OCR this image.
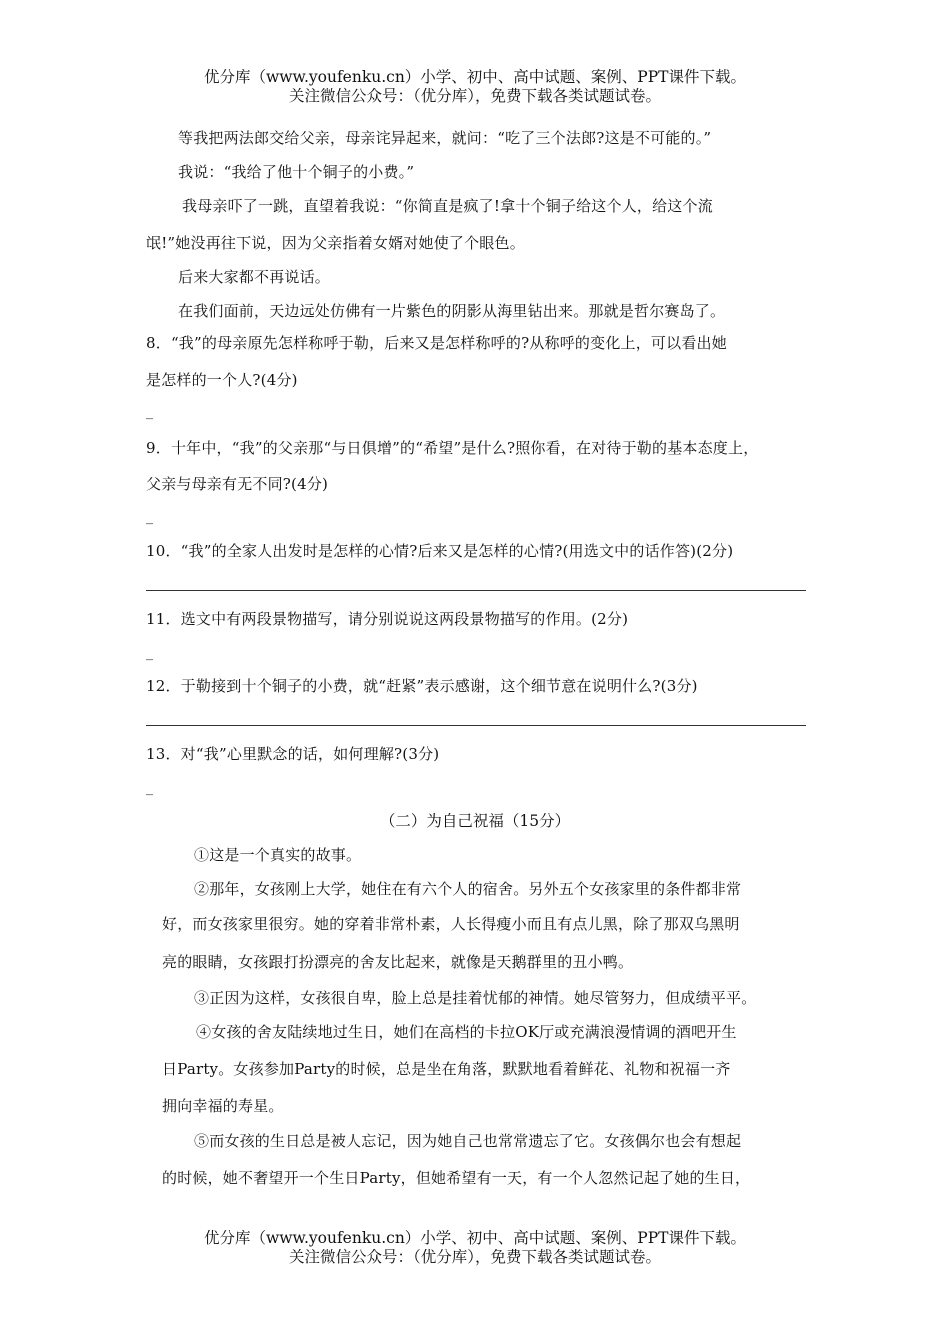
优分库（www.youfenku.cn）小学、初中、高中试题、案例、PPT课件下载。
关注微信公众号：（优分库），免费下载各类试题试卷。
等我把两法郎交给父亲，母亲诧异起来，就问：“吃了三个法郎?这是不可能的。”
我说：“我给了他十个铜子的小费。”
我母亲吓了一跳，直望着我说：“你简直是疯了!拿十个铜子给这个人，给这个流
氓!”她没再往下说，因为父亲指着女婿对她使了个眼色。
后来大家都不再说话。
在我们面前，天边远处仿佛有一片紫色的阴影从海里钻出来。那就是哲尔赛岛了。
8．“我”的母亲原先怎样称呼于勒，后来又是怎样称呼的?从称呼的变化上，可以看出她
是怎样的一个人?(4分)
_
9．十年中，“我”的父亲那“与日俱增”的“希望”是什么?照你看，在对待于勒的基本态度上，
父亲与母亲有无不同?(4分)
_
10．“我”的全家人出发时是怎样的心情?后来又是怎样的心情?(用选文中的话作答)(2分)
11．选文中有两段景物描写，请分别说说这两段景物描写的作用。(2分)
_
12．于勒接到十个铜子的小费，就“赶紧”表示感谢，这个细节意在说明什么?(3分)
13．对“我”心里默念的话，如何理解?(3分)
_
（二）为自己祝福（15分）
①这是一个真实的故事。
②那年，女孩刚上大学，她住在有六个人的宿舍。另外五个女孩家里的条件都非常
好，而女孩家里很穷。她的穿着非常朴素，人长得瘦小而且有点儿黑，除了那双乌黑明
亮的眼睛，女孩跟打扮漂亮的舍友比起来，就像是天鹅群里的丑小鸭。
③正因为这样，女孩很自卑，脸上总是挂着忧郁的神情。她尽管努力，但成绩平平。
④女孩的舍友陆续地过生日，她们在高档的卡拉OK厅或充满浪漫情调的酒吧开生
日Party。女孩参加Party的时候，总是坐在角落，默默地看着鲜花、礼物和祝福一齐
拥向幸福的寿星。
⑤而女孩的生日总是被人忘记，因为她自己也常常遗忘了它。女孩偶尔也会有想起
的时候，她不奢望开一个生日Party，但她希望有一天，有一个人忽然记起了她的生日，
优分库（www.youfenku.cn）小学、初中、高中试题、案例、PPT课件下载。
关注微信公众号：（优分库），免费下载各类试题试卷。
